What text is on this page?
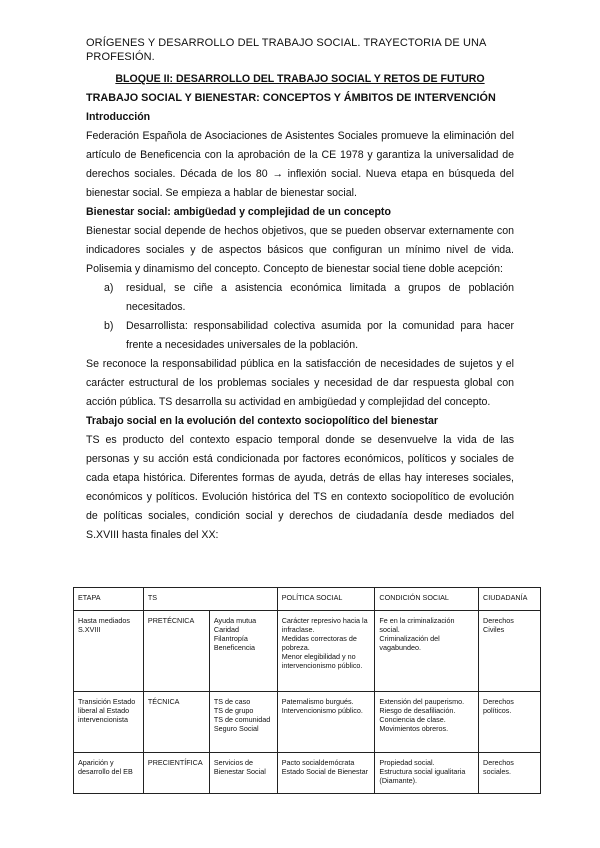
ORÍGENES Y DESARROLLO DEL TRABAJO SOCIAL. TRAYECTORIA DE UNA PROFESIÓN.
BLOQUE II: DESARROLLO DEL TRABAJO SOCIAL Y RETOS DE FUTURO
TRABAJO SOCIAL Y BIENESTAR: CONCEPTOS Y ÁMBITOS DE INTERVENCIÓN
Introducción

Federación Española de Asociaciones de Asistentes Sociales promueve la eliminación del artículo de Beneficencia con la aprobación de la CE 1978 y garantiza la universalidad de derechos sociales. Década de los 80 → inflexión social. Nueva etapa en búsqueda del bienestar social. Se empieza a hablar de bienestar social.

Bienestar social: ambigüedad y complejidad de un concepto

Bienestar social depende de hechos objetivos, que se pueden observar externamente con indicadores sociales y de aspectos básicos que configuran un mínimo nivel de vida. Polisemia y dinamismo del concepto. Concepto de bienestar social tiene doble acepción:

a)	residual, se ciñe a asistencia económica limitada a grupos de población necesitados.
b)	Desarrollista: responsabilidad colectiva asumida por la comunidad para hacer frente a necesidades universales de la población.

Se reconoce la responsabilidad pública en la satisfacción de necesidades de sujetos y el carácter estructural de los problemas sociales y necesidad de dar respuesta global con acción pública. TS desarrolla su actividad en ambigüedad y complejidad del concepto.

Trabajo social en la evolución del contexto sociopolítico del bienestar

TS es producto del contexto espacio temporal donde se desenvuelve la vida de las personas y su acción está condicionada por factores económicos, políticos y sociales de cada etapa histórica. Diferentes formas de ayuda, detrás de ellas hay intereses sociales, económicos y políticos. Evolución histórica del TS en contexto sociopolítico de evolución de políticas sociales, condición social y derechos de ciudadanía desde mediados del S.XVIII hasta finales del XX:

ETAPA	TS		POLÍTICA SOCIAL	CONDICIÓN SOCIAL	CIUDADANÍA
Hasta mediados S.XVIII	PRETÉCNICA	Ayuda mutua
Caridad
Filantropía
Beneficencia	Carácter represivo hacia la infraclase.
Medidas correctoras de pobreza.
Menor elegibilidad y no intervencionismo público.	Fe en la criminalización social.
Criminalización del vagabundeo.	Derechos Civiles
Transición Estado liberal al Estado intervencionista	TÉCNICA	TS de caso
TS de grupo
TS de comunidad
Seguro Social	Paternalismo burgués.
Intervencionismo público.	Extensión del pauperismo.
Riesgo de desafiliación.
Conciencia de clase.
Movimientos obreros.	Derechos políticos.
Aparición y desarrollo del EB	PRECIENTÍFICA	Servicios de Bienestar Social	Pacto socialdemócrata
Estado Social de Bienestar	Propiedad social.
Estructura social igualitaria (Diamante).	Derechos sociales.
